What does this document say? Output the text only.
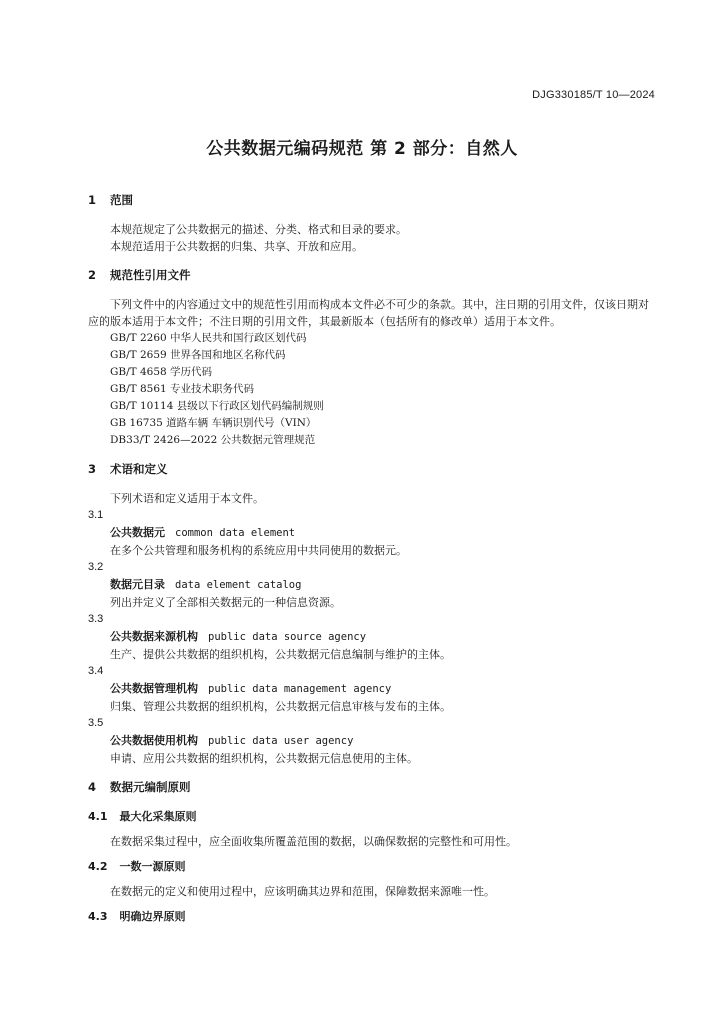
DJG330185/T 10—2024
公共数据元编码规范 第 2 部分：自然人
1 范围
本规范规定了公共数据元的描述、分类、格式和目录的要求。
本规范适用于公共数据的归集、共享、开放和应用。
2 规范性引用文件
下列文件中的内容通过文中的规范性引用而构成本文件必不可少的条款。其中，注日期的引用文件，仅该日期对应的版本适用于本文件；不注日期的引用文件，其最新版本（包括所有的修改单）适用于本文件。
GB/T 2260 中华人民共和国行政区划代码
GB/T 2659 世界各国和地区名称代码
GB/T 4658 学历代码
GB/T 8561 专业技术职务代码
GB/T 10114 县级以下行政区划代码编制规则
GB 16735 道路车辆 车辆识别代号（VIN）
DB33/T 2426—2022 公共数据元管理规范
3 术语和定义
下列术语和定义适用于本文件。
3.1
公共数据元 common data element
在多个公共管理和服务机构的系统应用中共同使用的数据元。
3.2
数据元目录 data element catalog
列出并定义了全部相关数据元的一种信息资源。
3.3
公共数据来源机构 public data source agency
生产、提供公共数据的组织机构，公共数据元信息编制与维护的主体。
3.4
公共数据管理机构 public data management agency
归集、管理公共数据的组织机构，公共数据元信息审核与发布的主体。
3.5
公共数据使用机构 public data user agency
申请、应用公共数据的组织机构，公共数据元信息使用的主体。
4 数据元编制原则
4.1 最大化采集原则
在数据采集过程中，应全面收集所覆盖范围的数据，以确保数据的完整性和可用性。
4.2 一数一源原则
在数据元的定义和使用过程中，应该明确其边界和范围，保障数据来源唯一性。
4.3 明确边界原则
